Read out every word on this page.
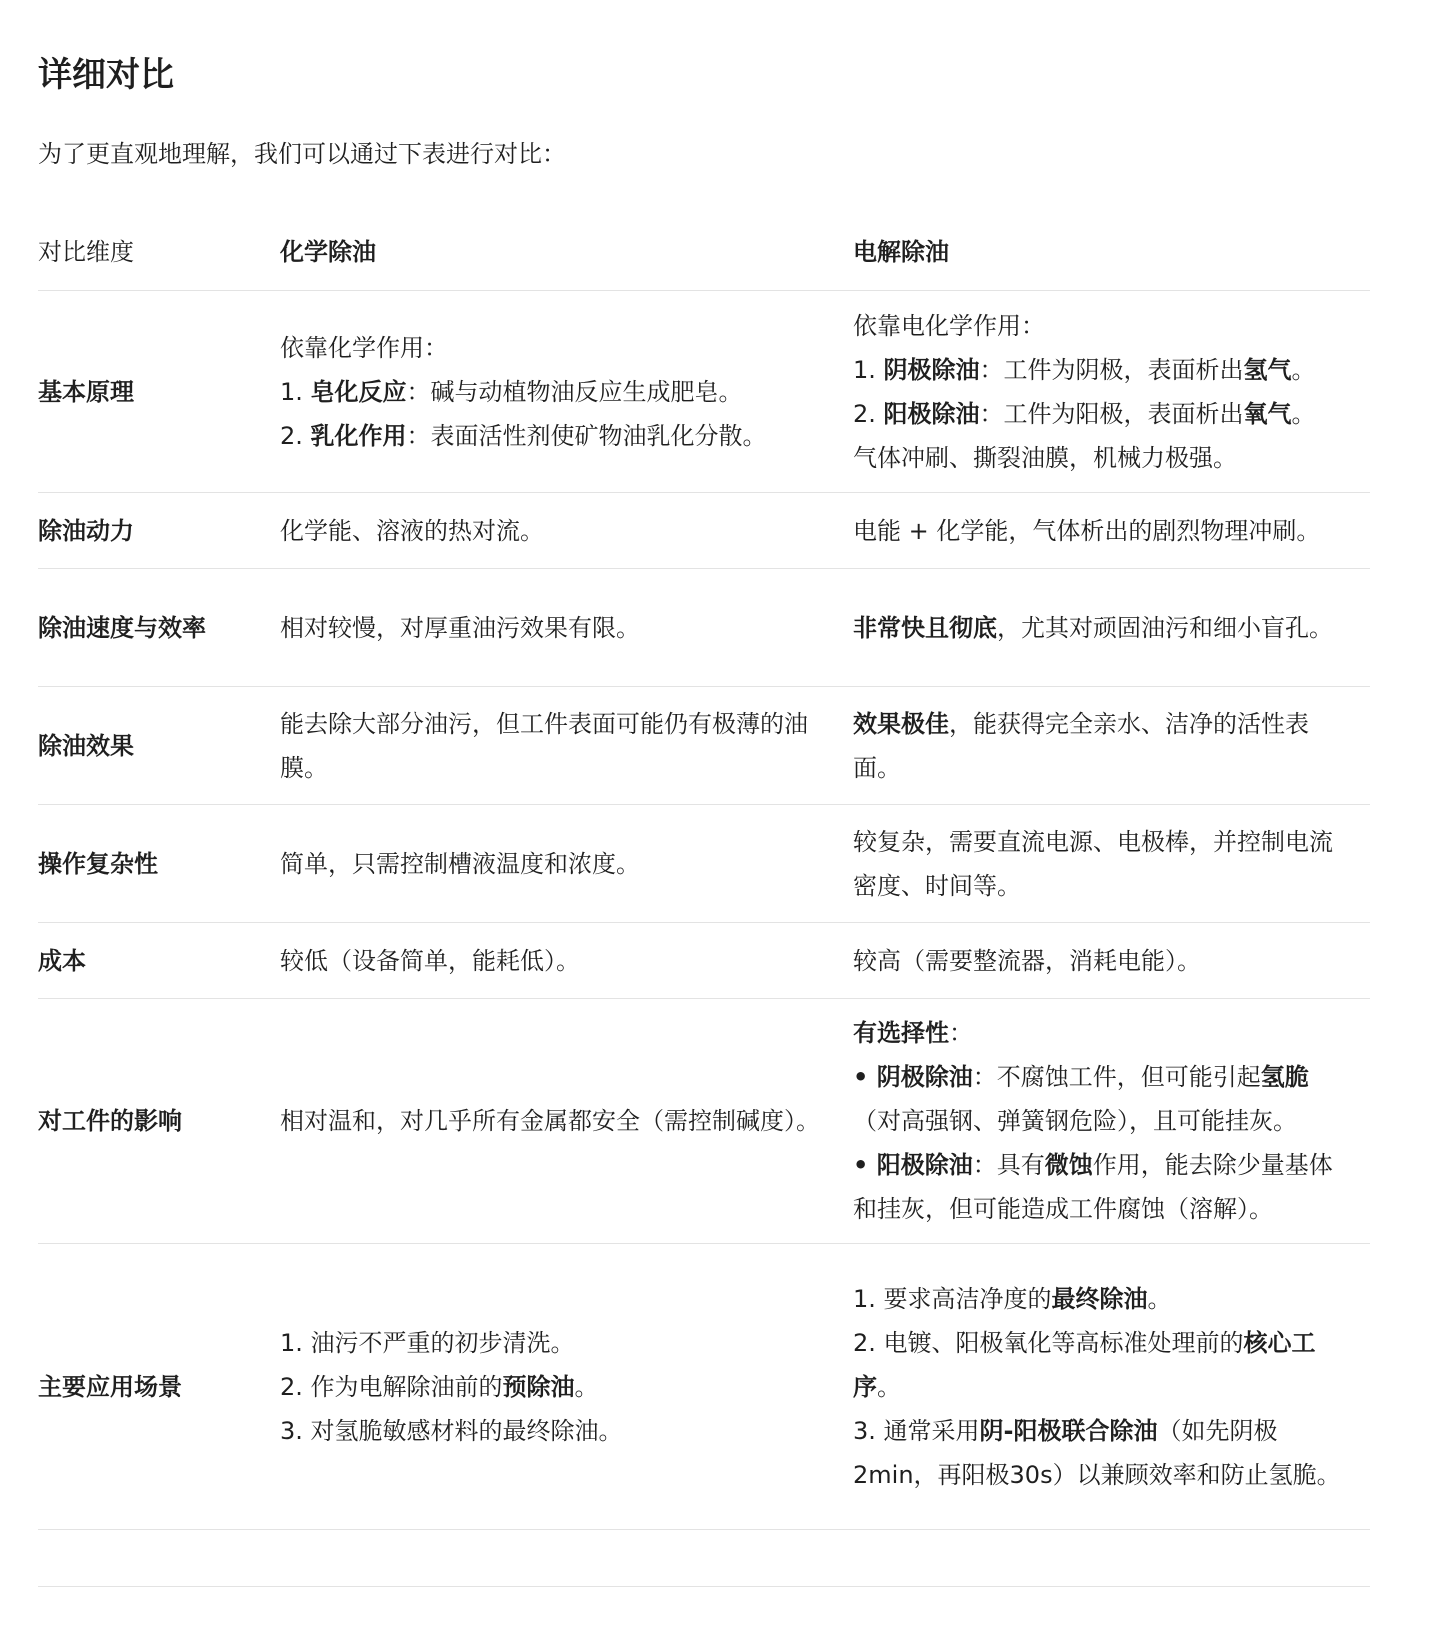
详细对比

为了更直观地理解，我们可以通过下表进行对比：

对比维度	化学除油	电解除油
基本原理	依靠化学作用：
1. 皂化反应：碱与动植物油反应生成肥皂。
2. 乳化作用：表面活性剂使矿物油乳化分散。	依靠电化学作用：
1. 阴极除油：工件为阴极，表面析出氢气。
2. 阳极除油：工件为阳极，表面析出氧气。
气体冲刷、撕裂油膜，机械力极强。

除油动力	化学能、溶液的热对流。	电能 + 化学能，气体析出的剧烈物理冲刷。
除油速度与效率	相对较慢，对厚重油污效果有限。	非常快且彻底，尤其对顽固油污和细小盲孔。
除油效果	能去除大部分油污，但工件表面可能仍有极薄的油膜。	效果极佳，能获得完全亲水、洁净的活性表面。
操作复杂性	简单，只需控制槽液温度和浓度。	较复杂，需要直流电源、电极棒，并控制电流密度、时间等。
成本	较低（设备简单，能耗低）。	较高（需要整流器，消耗电能）。
对工件的影响	相对温和，对几乎所有金属都安全（需控制碱度）。	有选择性：
• 阴极除油：不腐蚀工件，但可能引起氢脆（对高强钢、弹簧钢危险），且可能挂灰。
• 阳极除油：具有微蚀作用，能去除少量基体和挂灰，但可能造成工件腐蚀（溶解）。

主要应用场景	1. 油污不严重的初步清洗。
2. 作为电解除油前的预除油。
3. 对氢脆敏感材料的最终除油。	1. 要求高洁净度的最终除油。
2. 电镀、阳极氧化等高标准处理前的核心工序。
3. 通常采用阴-阳极联合除油（如先阴极2min，再阳极30s）以兼顾效率和防止氢脆。
